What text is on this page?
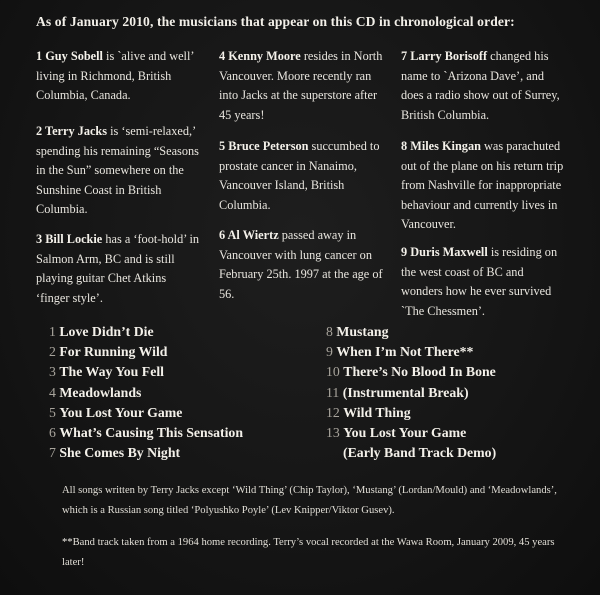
As of January 2010, the musicians that appear on this CD in chronological order:

1 Guy Sobell is `alive and well’ living in Richmond, British Columbia, Canada.

2 Terry Jacks is ‘semi-relaxed,’ spending his remaining “Seasons in the Sun” somewhere on the Sunshine Coast in British Columbia.

3 Bill Lockie has a ‘foot-hold’ in Salmon Arm, BC and is still playing guitar Chet Atkins ‘finger style’.

4 Kenny Moore resides in North Vancouver. Moore recently ran into Jacks at the superstore after 45 years!

5 Bruce Peterson succumbed to prostate cancer in Nanaimo, Vancouver Island, British Columbia.

6 Al Wiertz passed away in Vancouver with lung cancer on February 25th. 1997 at the age of 56.

7 Larry Borisoff changed his name to `Arizona Dave’, and does a radio show out of Surrey, British Columbia.

8 Miles Kingan was parachuted out of the plane on his return trip from Nashville for inappropriate behaviour and currently lives in Vancouver.

9 Duris Maxwell is residing on the west coast of BC and wonders how he ever survived `The Chessmen’.

1 Love Didn’t Die
2 For Running Wild
3 The Way You Fell
4 Meadowlands
5 You Lost Your Game
6 What’s Causing This Sensation
7 She Comes By Night
8 Mustang
9 When I’m Not There**
10 There’s No Blood In Bone
11 (Instrumental Break)
12 Wild Thing
13 You Lost Your Game
(Early Band Track Demo)
All songs written by Terry Jacks except ‘Wild Thing’ (Chip Taylor), ‘Mustang’ (Lordan/Mould) and ‘Meadowlands’, which is a Russian song titled ‘Polyushko Poyle’ (Lev Knipper/Viktor Gusev).
**Band track taken from a 1964 home recording. Terry’s vocal recorded at the Wawa Room, January 2009, 45 years later!
